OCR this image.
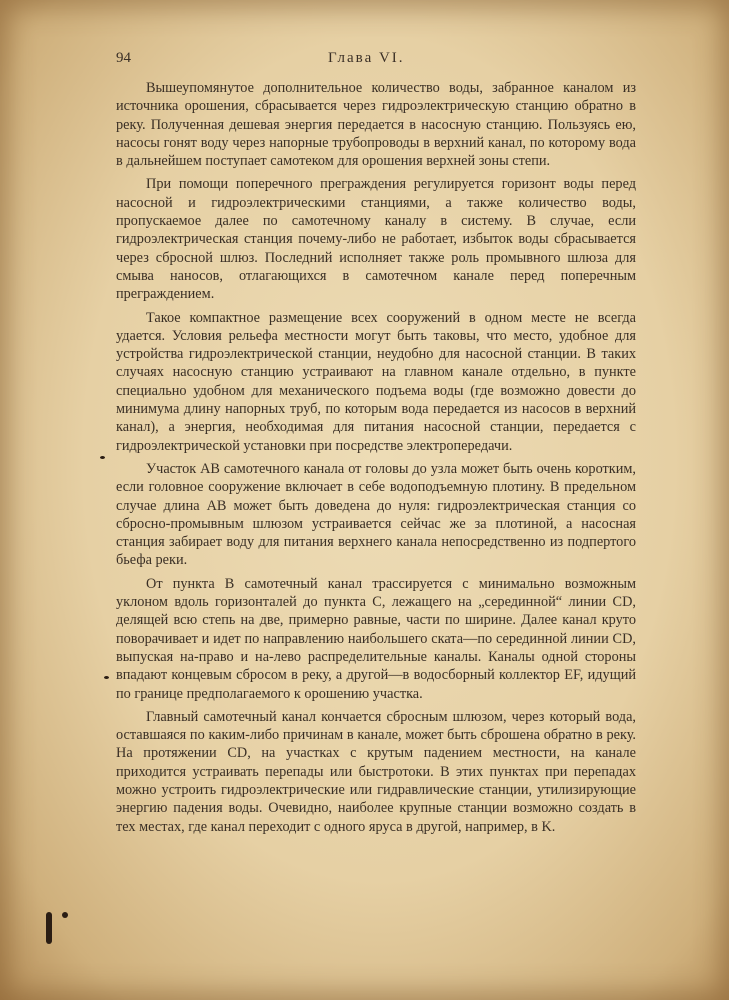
94	Глава VI.

Вышеупомянутое дополнительное количество воды, забранное каналом из источника орошения, сбрасывается через гидроэлектрическую станцию обратно в реку. Полученная дешевая энергия передается в насосную станцию. Пользуясь ею, насосы гонят воду через напорные трубопроводы в верхний канал, по которому вода в дальнейшем поступает самотеком для орошения верхней зоны степи.

При помощи поперечного преграждения регулируется горизонт воды перед насосной и гидроэлектрическими станциями, а также количество воды, пропускаемое далее по самотечному каналу в систему. В случае, если гидроэлектрическая станция почему-либо не работает, избыток воды сбрасывается через сбросной шлюз. Последний исполняет также роль промывного шлюза для смыва наносов, отлагающихся в самотечном канале перед поперечным преграждением.

Такое компактное размещение всех сооружений в одном месте не всегда удается. Условия рельефа местности могут быть таковы, что место, удобное для устройства гидроэлектрической станции, неудобно для насосной станции. В таких случаях насосную станцию устраивают на главном канале отдельно, в пункте специально удобном для механического подъема воды (где возможно довести до минимума длину напорных труб, по которым вода передается из насосов в верхний канал), а энергия, необходимая для питания насосной станции, передается с гидроэлектрической установки при посредстве электропередачи.

Участок AB самотечного канала от головы до узла может быть очень коротким, если головное сооружение включает в себе водоподъемную плотину. В предельном случае длина AB может быть доведена до нуля: гидроэлектрическая станция со сбросно-промывным шлюзом устраивается сейчас же за плотиной, а насосная станция забирает воду для питания верхнего канала непосредственно из подпертого бьефа реки.

От пункта B самотечный канал трассируется с минимально возможным уклоном вдоль горизонталей до пункта C, лежащего на „серединной“ линии CD, делящей всю степь на две, примерно равные, части по ширине. Далее канал круто поворачивает и идет по направлению наибольшего ската—по серединной линии CD, выпуская на-право и на-лево распределительные каналы. Каналы одной стороны впадают концевым сбросом в реку, а другой—в водосборный коллектор EF, идущий по границе предполагаемого к орошению участка.

Главный самотечный канал кончается сбросным шлюзом, через который вода, оставшаяся по каким-либо причинам в канале, может быть сброшена обратно в реку. На протяжении CD, на участках с крутым падением местности, на канале приходится устраивать перепады или быстротоки. В этих пунктах при перепадах можно устроить гидроэлектрические или гидравлические станции, утилизирующие энергию падения воды. Очевидно, наиболее крупные станции возможно создать в тех местах, где канал переходит с одного яруса в другой, например, в K.
